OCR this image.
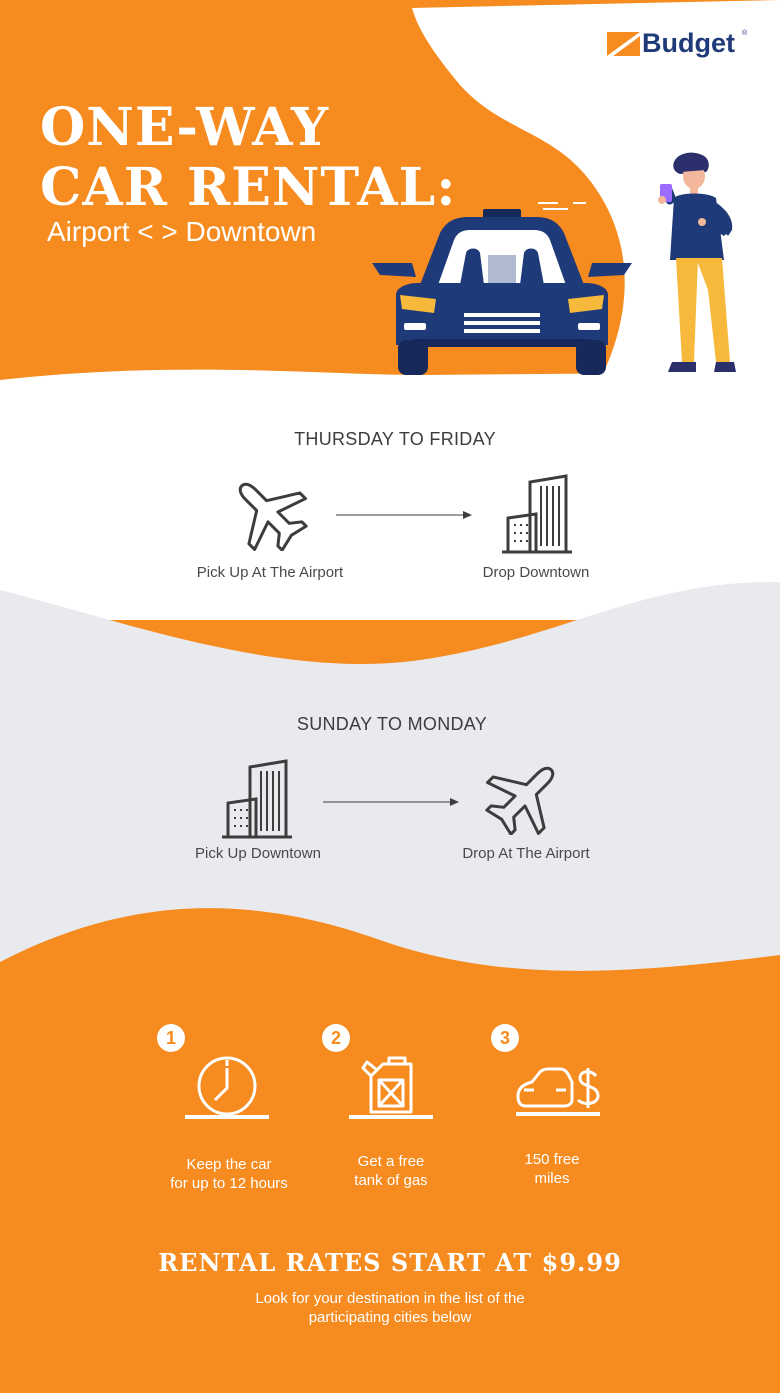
Budget ®
ONE-WAY
CAR RENTAL:
Airport < > Downtown
THURSDAY TO FRIDAY
Pick Up At The Airport	Drop Downtown
SUNDAY TO MONDAY
Pick Up Downtown	Drop At The Airport
1	2	3
Keep the car
for up to 12 hours
Get a free
tank of gas
150 free
miles
RENTAL RATES START AT $9.99
Look for your destination in the list of the
participating cities below
